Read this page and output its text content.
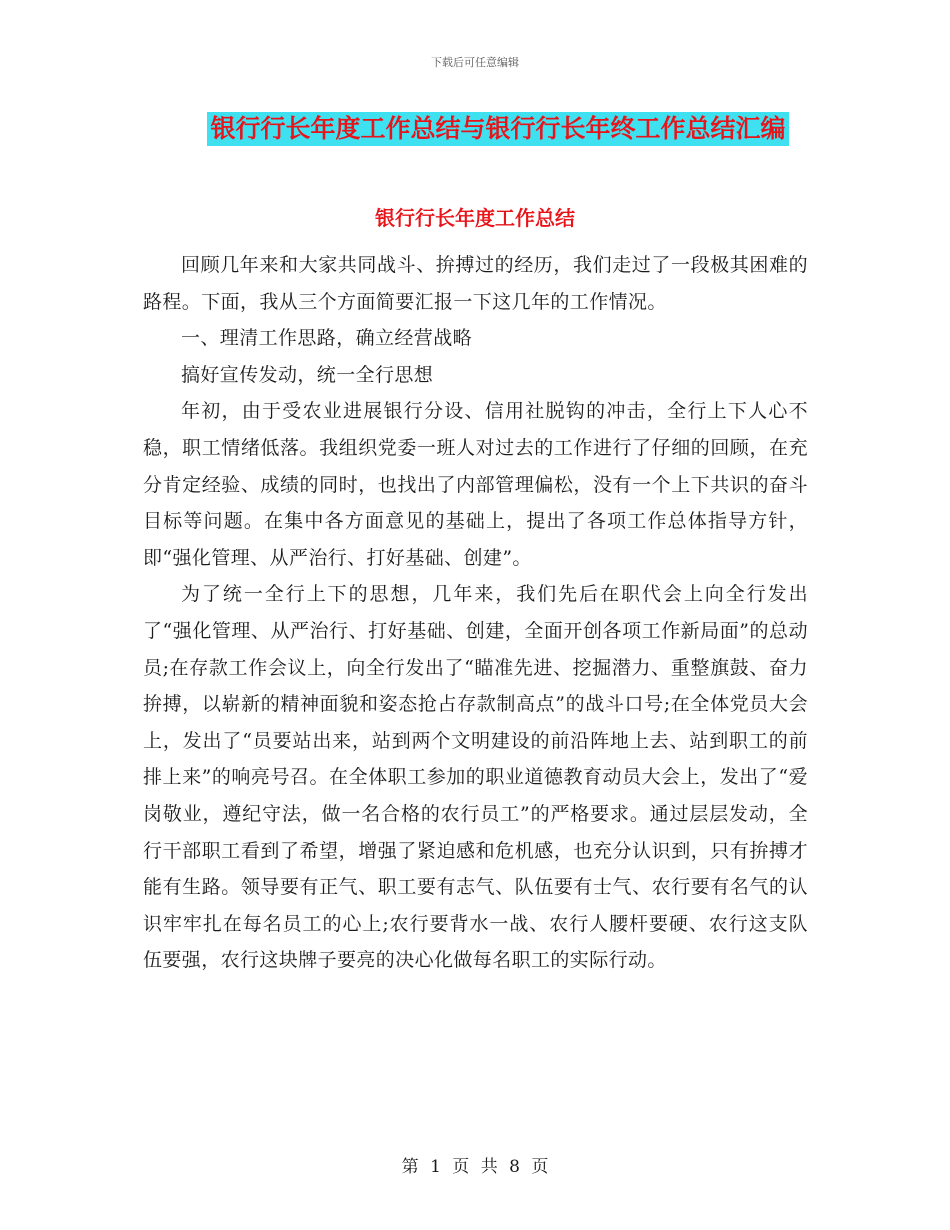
下载后可任意编辑
银行行长年度工作总结与银行行长年终工作总结汇编
银行行长年度工作总结

回顾几年来和大家共同战斗、拚搏过的经历，我们走过了一段极其困难的路程。下面，我从三个方面简要汇报一下这几年的工作情况。

一、理清工作思路，确立经营战略

搞好宣传发动，统一全行思想

年初，由于受农业进展银行分设、信用社脱钩的冲击，全行上下人心不稳，职工情绪低落。我组织党委一班人对过去的工作进行了仔细的回顾，在充分肯定经验、成绩的同时，也找出了内部管理偏松，没有一个上下共识的奋斗目标等问题。在集中各方面意见的基础上，提出了各项工作总体指导方针，即“强化管理、从严治行、打好基础、创建”。

为了统一全行上下的思想，几年来，我们先后在职代会上向全行发出了“强化管理、从严治行、打好基础、创建，全面开创各项工作新局面”的总动员;在存款工作会议上，向全行发出了“瞄准先进、挖掘潜力、重整旗鼓、奋力拚搏，以崭新的精神面貌和姿态抢占存款制高点”的战斗口号;在全体党员大会上，发出了“员要站出来，站到两个文明建设的前沿阵地上去、站到职工的前排上来”的响亮号召。在全体职工参加的职业道德教育动员大会上，发出了“爱岗敬业，遵纪守法，做一名合格的农行员工”的严格要求。通过层层发动，全行干部职工看到了希望，增强了紧迫感和危机感，也充分认识到，只有拚搏才能有生路。领导要有正气、职工要有志气、队伍要有士气、农行要有名气的认识牢牢扎在每名员工的心上;农行要背水一战、农行人腰杆要硬、农行这支队伍要强，农行这块牌子要亮的决心化做每名职工的实际行动。

第 1 页 共 8 页
